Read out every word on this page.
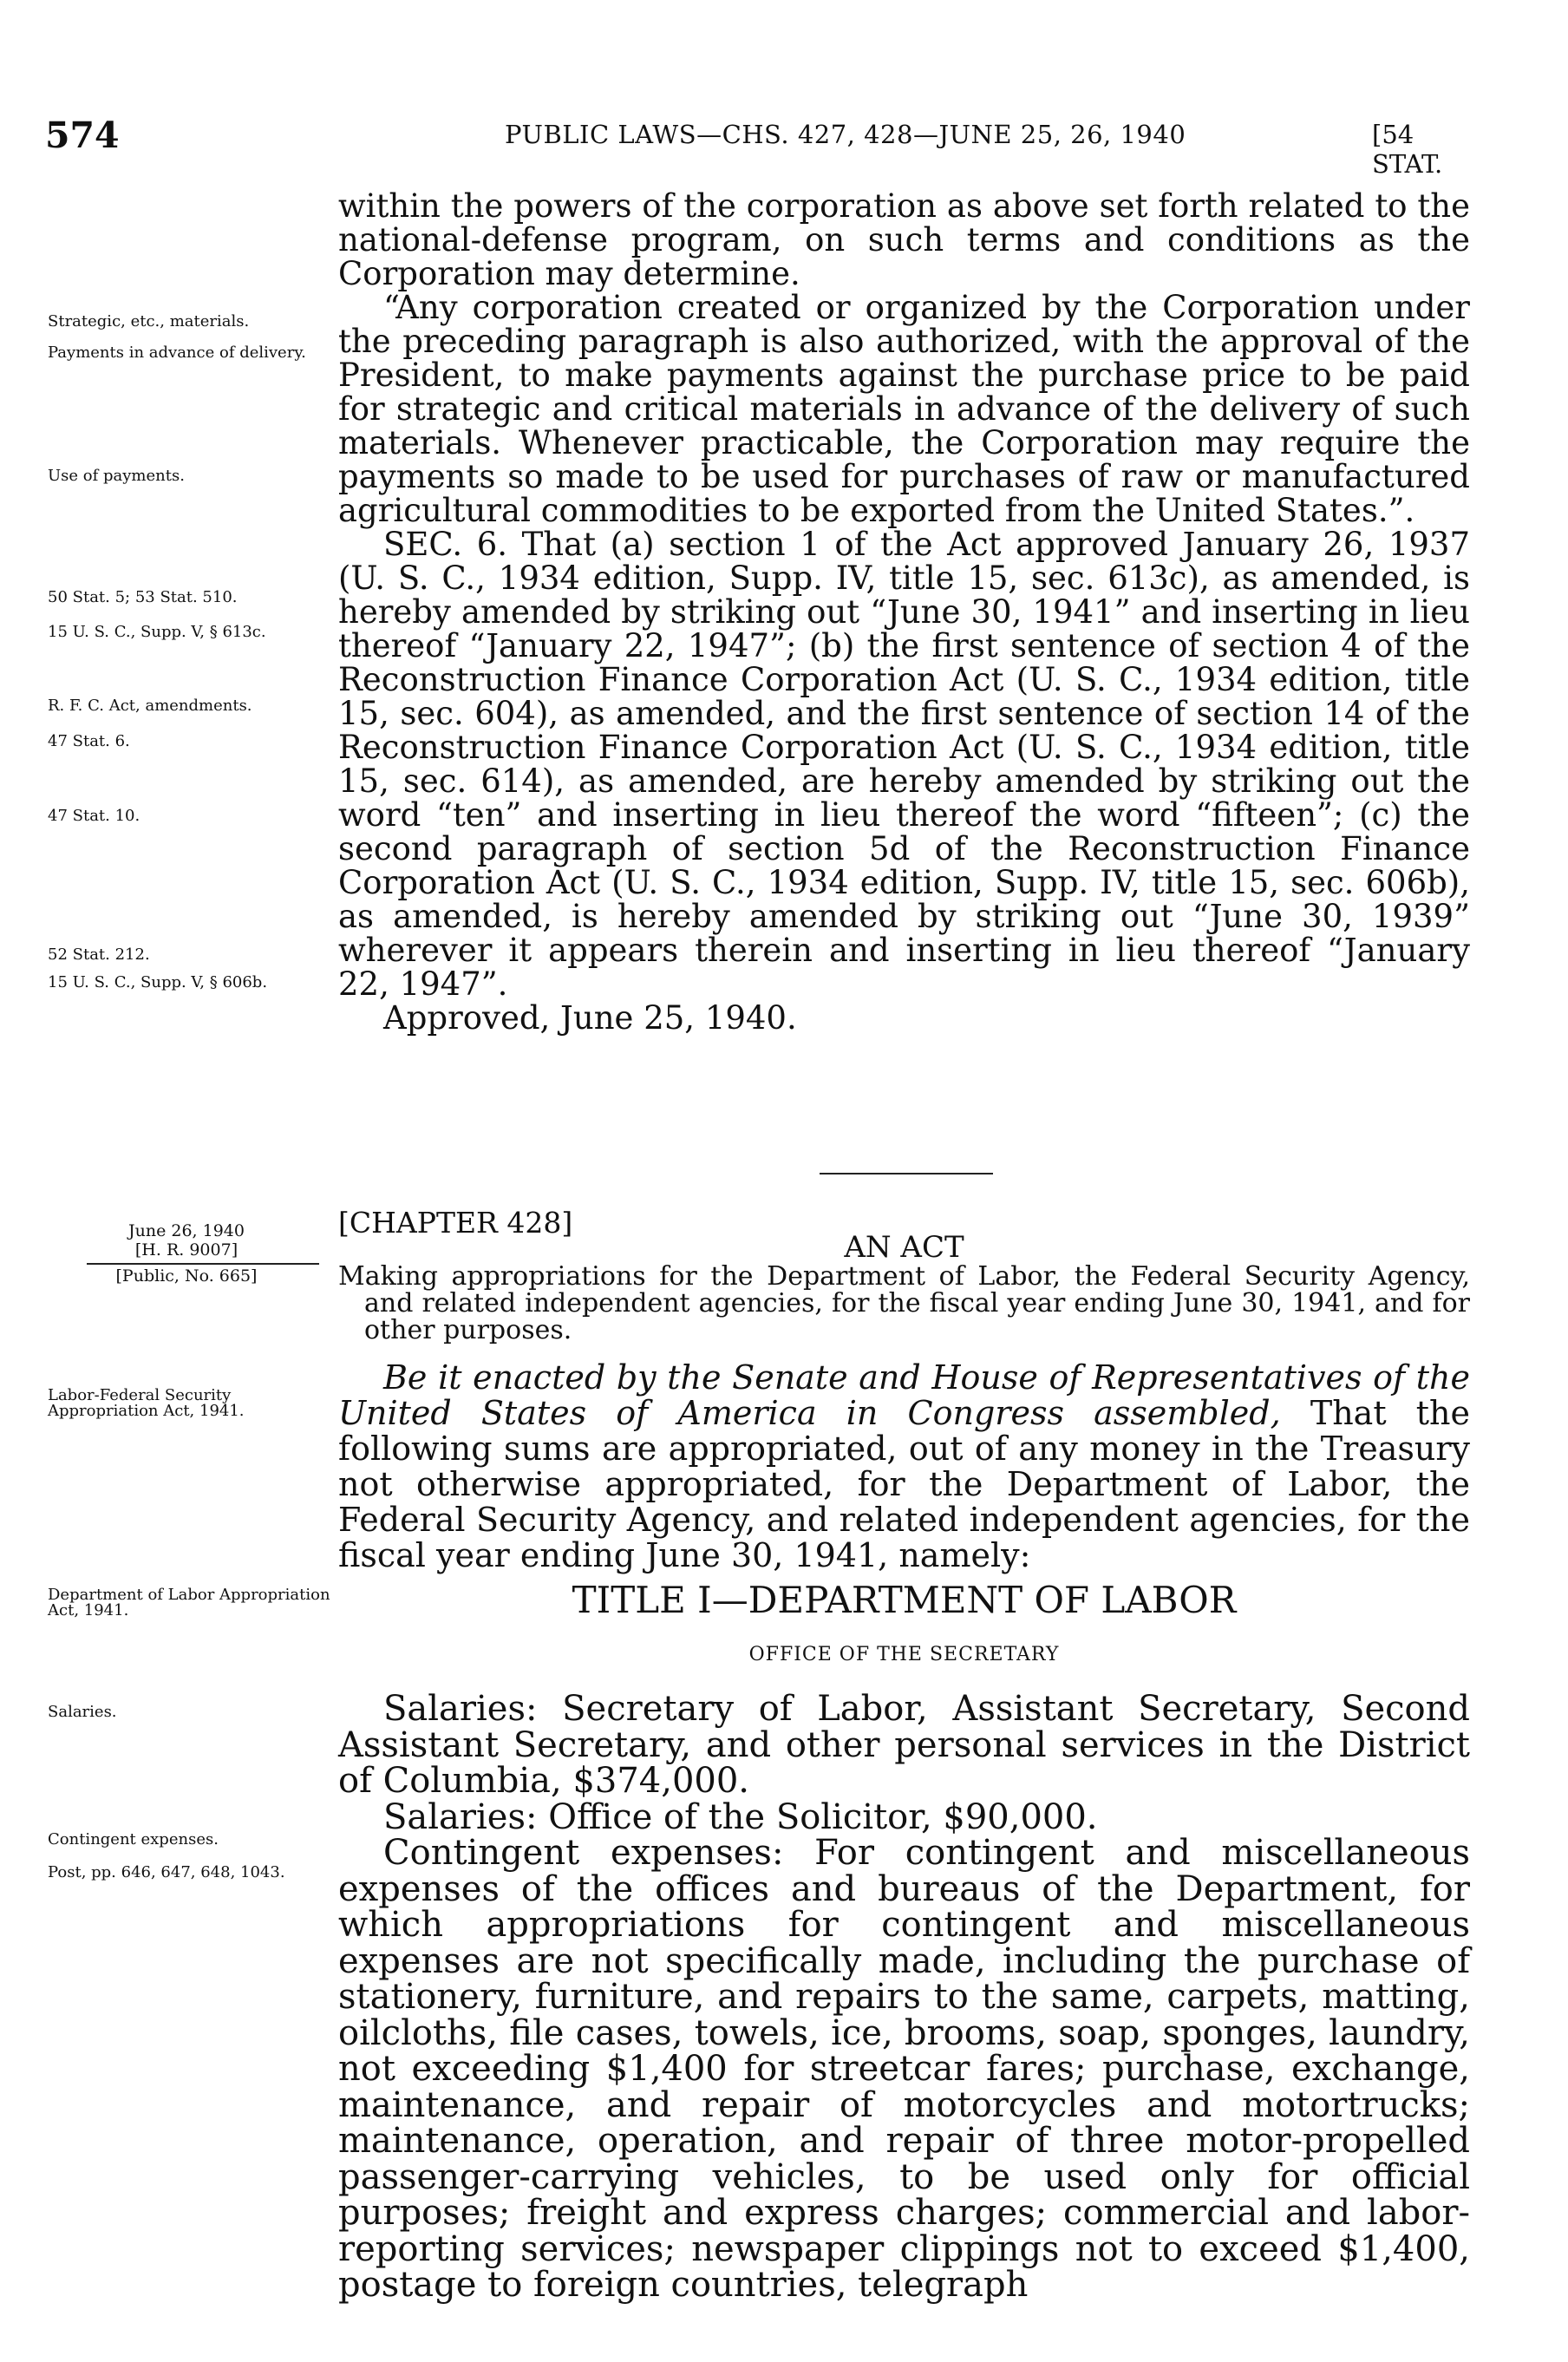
574	PUBLIC LAWS—CHS. 427, 428—JUNE 25, 26, 1940	[54 STAT.
Strategic, etc., materials.
Payments in advance of delivery.
Use of payments.
50 Stat. 5; 53 Stat. 510.
15 U. S. C., Supp. V, § 613c.
R. F. C. Act, amendments.
47 Stat. 6.
47 Stat. 10.
52 Stat. 212.
15 U. S. C., Supp. V, § 606b.
June 26, 1940
[H. R. 9007]
[Public, No. 665]
Labor-Federal Security Appropriation Act, 1941.
Department of Labor Appropriation Act, 1941.
Salaries.
Contingent expenses.
Post, pp. 646, 647, 648, 1043.

within the powers of the corporation as above set forth related to the national-defense program, on such terms and conditions as the Corporation may determine.

“Any corporation created or organized by the Corporation under the preceding paragraph is also authorized, with the approval of the President, to make payments against the purchase price to be paid for strategic and critical materials in advance of the delivery of such materials. Whenever practicable, the Corporation may require the payments so made to be used for purchases of raw or manufactured agricultural commodities to be exported from the United States.”.

SEC. 6. That (a) section 1 of the Act approved January 26, 1937 (U. S. C., 1934 edition, Supp. IV, title 15, sec. 613c), as amended, is hereby amended by striking out “June 30, 1941” and inserting in lieu thereof “January 22, 1947”; (b) the first sentence of section 4 of the Reconstruction Finance Corporation Act (U. S. C., 1934 edition, title 15, sec. 604), as amended, and the first sentence of section 14 of the Reconstruction Finance Corporation Act (U. S. C., 1934 edition, title 15, sec. 614), as amended, are hereby amended by striking out the word “ten” and inserting in lieu thereof the word “fifteen”; (c) the second paragraph of section 5d of the Reconstruction Finance Corporation Act (U. S. C., 1934 edition, Supp. IV, title 15, sec. 606b), as amended, is hereby amended by striking out “June 30, 1939” wherever it appears therein and inserting in lieu thereof “January 22, 1947”.

Approved, June 25, 1940.

[CHAPTER 428]
AN ACT
Making appropriations for the Department of Labor, the Federal Security Agency, and related independent agencies, for the fiscal year ending June 30, 1941, and for other purposes.

Be it enacted by the Senate and House of Representatives of the United States of America in Congress assembled, That the following sums are appropriated, out of any money in the Treasury not otherwise appropriated, for the Department of Labor, the Federal Security Agency, and related independent agencies, for the fiscal year ending June 30, 1941, namely:

TITLE I—DEPARTMENT OF LABOR
OFFICE OF THE SECRETARY

Salaries: Secretary of Labor, Assistant Secretary, Second Assistant Secretary, and other personal services in the District of Columbia, $374,000.

Salaries: Office of the Solicitor, $90,000.

Contingent expenses: For contingent and miscellaneous expenses of the offices and bureaus of the Department, for which appropriations for contingent and miscellaneous expenses are not specifically made, including the purchase of stationery, furniture, and repairs to the same, carpets, matting, oilcloths, file cases, towels, ice, brooms, soap, sponges, laundry, not exceeding $1,400 for streetcar fares; purchase, exchange, maintenance, and repair of motorcycles and motortrucks; maintenance, operation, and repair of three motor-propelled passenger-carrying vehicles, to be used only for official purposes; freight and express charges; commercial and labor-reporting services; newspaper clippings not to exceed $1,400, postage to foreign countries, telegraph
